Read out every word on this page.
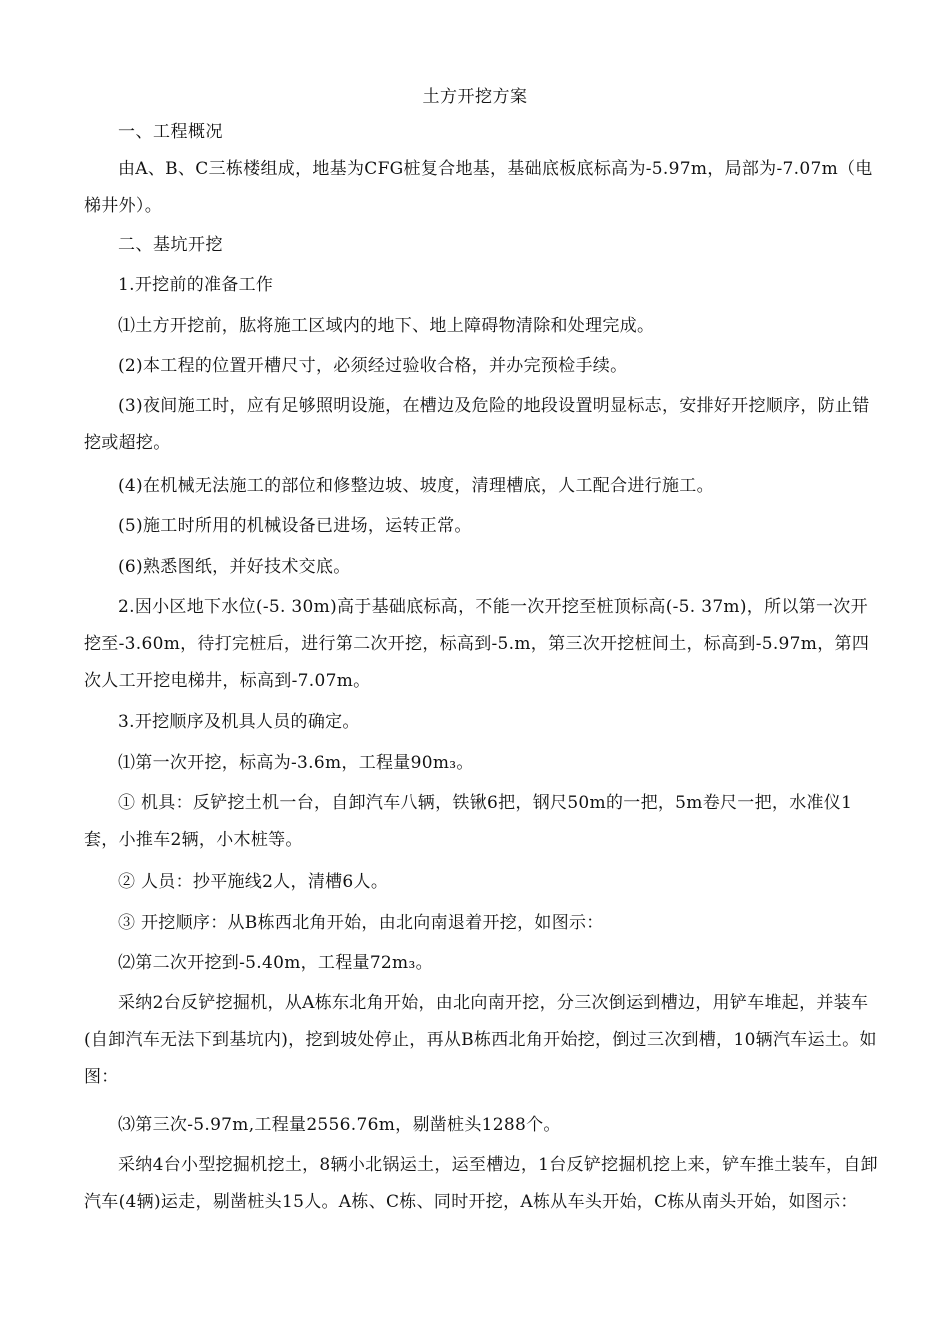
土方开挖方案

一、工程概况

由A、B、C三栋楼组成，地基为CFG桩复合地基，基础底板底标高为-5.97m，局部为-7.07m（电梯井外）。

二、基坑开挖

1.开挖前的准备工作

⑴土方开挖前，肱将施工区域内的地下、地上障碍物清除和处理完成。

(2)本工程的位置开槽尺寸，必须经过验收合格，并办完预检手续。

(3)夜间施工时，应有足够照明设施，在槽边及危险的地段设置明显标志，安排好开挖顺序，防止错挖或超挖。

(4)在机械无法施工的部位和修整边坡、坡度，清理槽底，人工配合进行施工。

(5)施工时所用的机械设备已进场，运转正常。

(6)熟悉图纸，并好技术交底。

2.因小区地下水位(-5. 30m)高于基础底标高，不能一次开挖至桩顶标高(-5. 37m)，所以第一次开挖至-3.60m，待打完桩后，进行第二次开挖，标高到-5.m，第三次开挖桩间土，标高到-5.97m，第四次人工开挖电梯井，标高到-7.07m。

3.开挖顺序及机具人员的确定。

⑴第一次开挖，标高为-3.6m，工程量90m₃。

① 机具：反铲挖土机一台，自卸汽车八辆，铁锹6把，钢尺50m的一把，5m卷尺一把，水准仪1套，小推车2辆，小木桩等。

② 人员：抄平施线2人，清槽6人。

③ 开挖顺序：从B栋西北角开始，由北向南退着开挖，如图示：

⑵第二次开挖到-5.40m，工程量72m₃。

采纳2台反铲挖掘机，从A栋东北角开始，由北向南开挖，分三次倒运到槽边，用铲车堆起，并装车(自卸汽车无法下到基坑内)，挖到坡处停止，再从B栋西北角开始挖，倒过三次到槽，10辆汽车运土。如图：

⑶第三次-5.97m,工程量2556.76m，剔凿桩头1288个。

采纳4台小型挖掘机挖土，8辆小北锅运土，运至槽边，1台反铲挖掘机挖上来，铲车推土装车，自卸汽车(4辆)运走，剔凿桩头15人。A栋、C栋、同时开挖，A栋从车头开始，C栋从南头开始，如图示：
